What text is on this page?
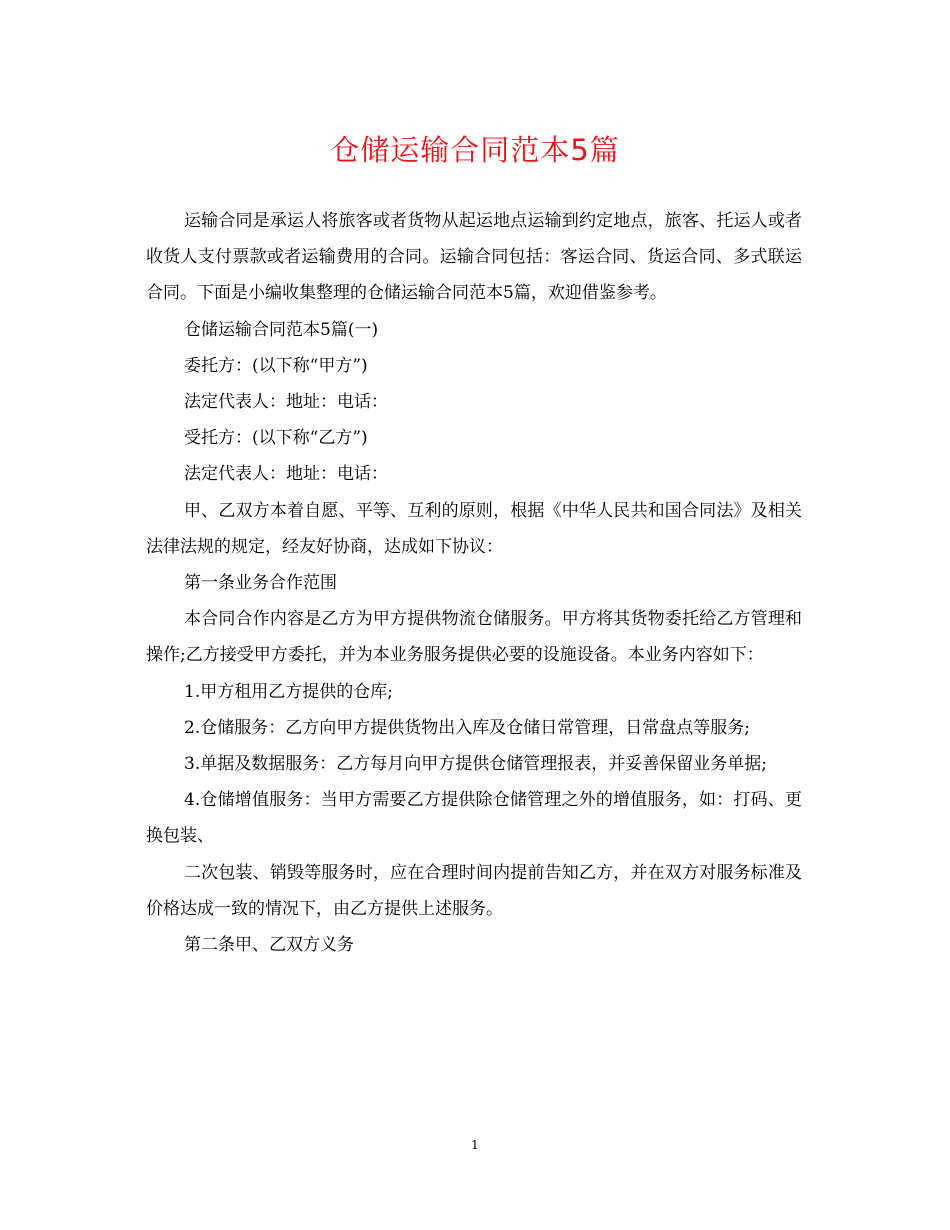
仓储运输合同范本5篇

运输合同是承运人将旅客或者货物从起运地点运输到约定地点，旅客、托运人或者收货人支付票款或者运输费用的合同。运输合同包括：客运合同、货运合同、多式联运合同。下面是小编收集整理的仓储运输合同范本5篇，欢迎借鉴参考。

仓储运输合同范本5篇(一)

委托方：(以下称“甲方”)

法定代表人：地址：电话：

受托方：(以下称“乙方”)

法定代表人：地址：电话：

甲、乙双方本着自愿、平等、互利的原则，根据《中华人民共和国合同法》及相关法律法规的规定，经友好协商，达成如下协议：

第一条业务合作范围

本合同合作内容是乙方为甲方提供物流仓储服务。甲方将其货物委托给乙方管理和操作;乙方接受甲方委托，并为本业务服务提供必要的设施设备。本业务内容如下：

1.甲方租用乙方提供的仓库;

2.仓储服务：乙方向甲方提供货物出入库及仓储日常管理，日常盘点等服务;

3.单据及数据服务：乙方每月向甲方提供仓储管理报表，并妥善保留业务单据;

4.仓储增值服务：当甲方需要乙方提供除仓储管理之外的增值服务，如：打码、更换包装、

二次包装、销毁等服务时，应在合理时间内提前告知乙方，并在双方对服务标准及价格达成一致的情况下，由乙方提供上述服务。

第二条甲、乙双方义务

1
